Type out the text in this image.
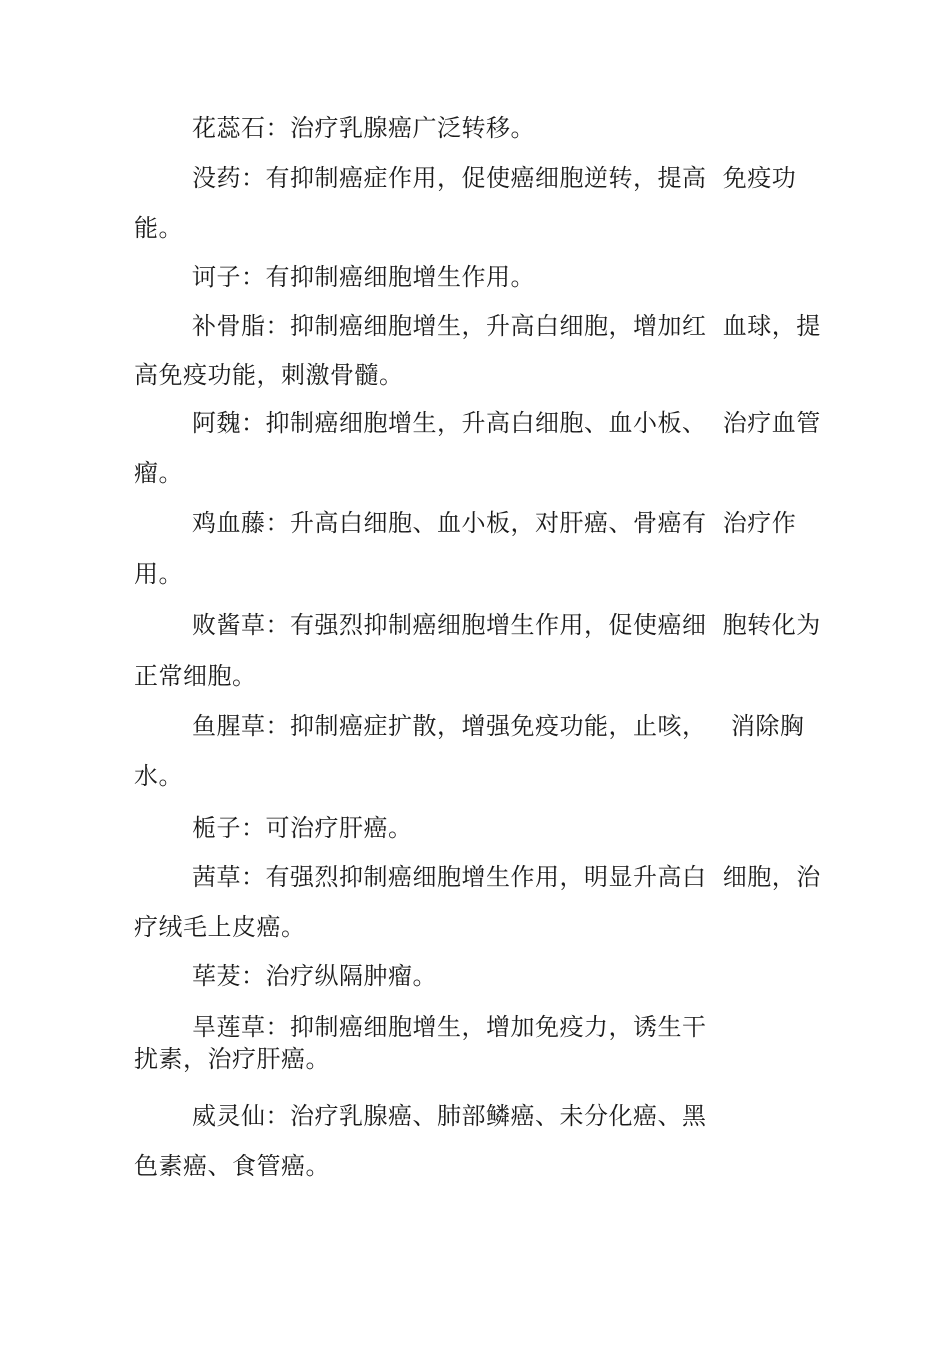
花蕊石：治疗乳腺癌广泛转移。
没药：有抑制癌症作用，促使癌细胞逆转，提高  免疫功
能。
诃子：有抑制癌细胞增生作用。
补骨脂：抑制癌细胞增生，升高白细胞，增加红  血球，提
高免疫功能，刺激骨髓。
阿魏：抑制癌细胞增生，升高白细胞、血小板、  治疗血管
瘤。
鸡血藤：升高白细胞、血小板，对肝癌、骨癌有  治疗作
用。
败酱草：有强烈抑制癌细胞增生作用，促使癌细  胞转化为
正常细胞。
鱼腥草：抑制癌症扩散，增强免疫功能，止咳，   消除胸
水。
栀子：可治疗肝癌。
茜草：有强烈抑制癌细胞增生作用，明显升高白  细胞，治
疗绒毛上皮癌。
荜茇：治疗纵隔肿瘤。
旱莲草：抑制癌细胞增生，增加免疫力，诱生干
扰素，治疗肝癌。
威灵仙：治疗乳腺癌、肺部鳞癌、未分化癌、黑
色素癌、食管癌。
